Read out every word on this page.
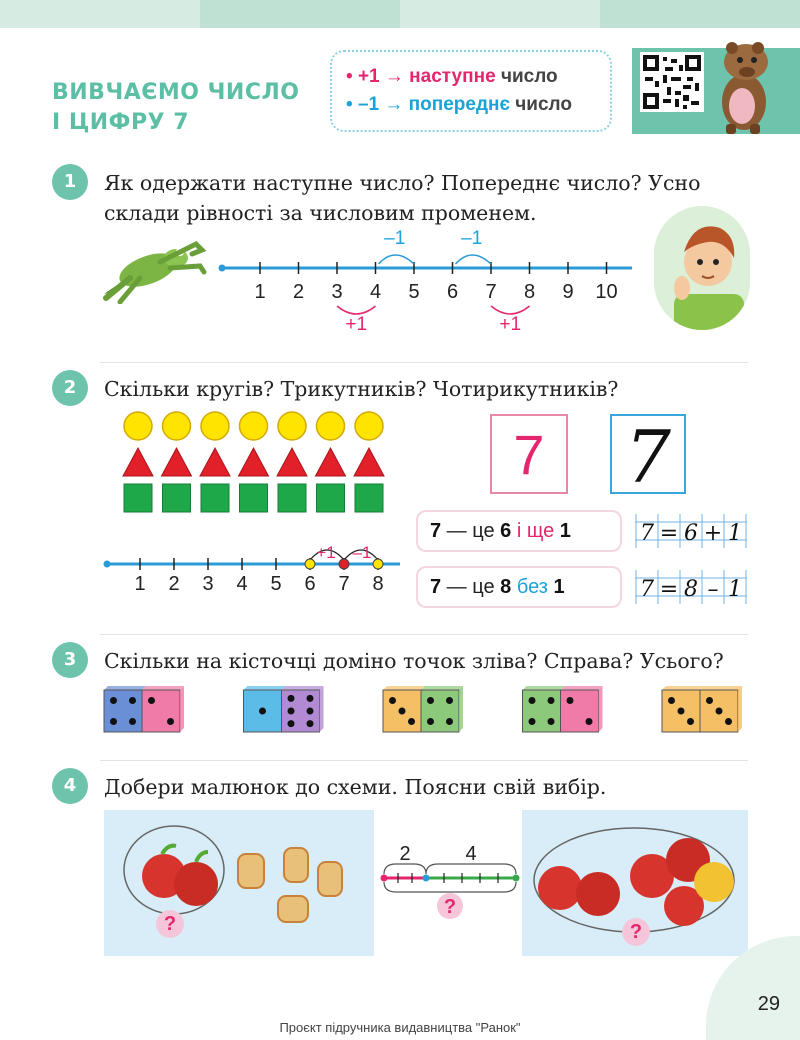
ВИВЧАЄМО ЧИСЛО
І ЦИФРУ 7
• +1 → наступне число
• –1 → попереднє число
1	Як одержати наступне число? Попереднє число? Усно
склади рівності за числовим променем.
1 2 3 4 5 6 7 8 9 10
–1	–1
+1	+1
2	Скільки кругів? Трикутників? Чотирикутників?
7	7
1 2 3 4 5 6 7 8
+1 –1
7 — це 6 і ще 1
7 — це 8 без 1
7 = 6 + 1
7 = 8 – 1
3	Скільки на кісточці доміно точок зліва? Справа? Усього?
4	Добери малюнок до схеми. Поясни свій вибір.
?
2	4
?
?
29
Проєкт підручника видавництва "Ранок"
